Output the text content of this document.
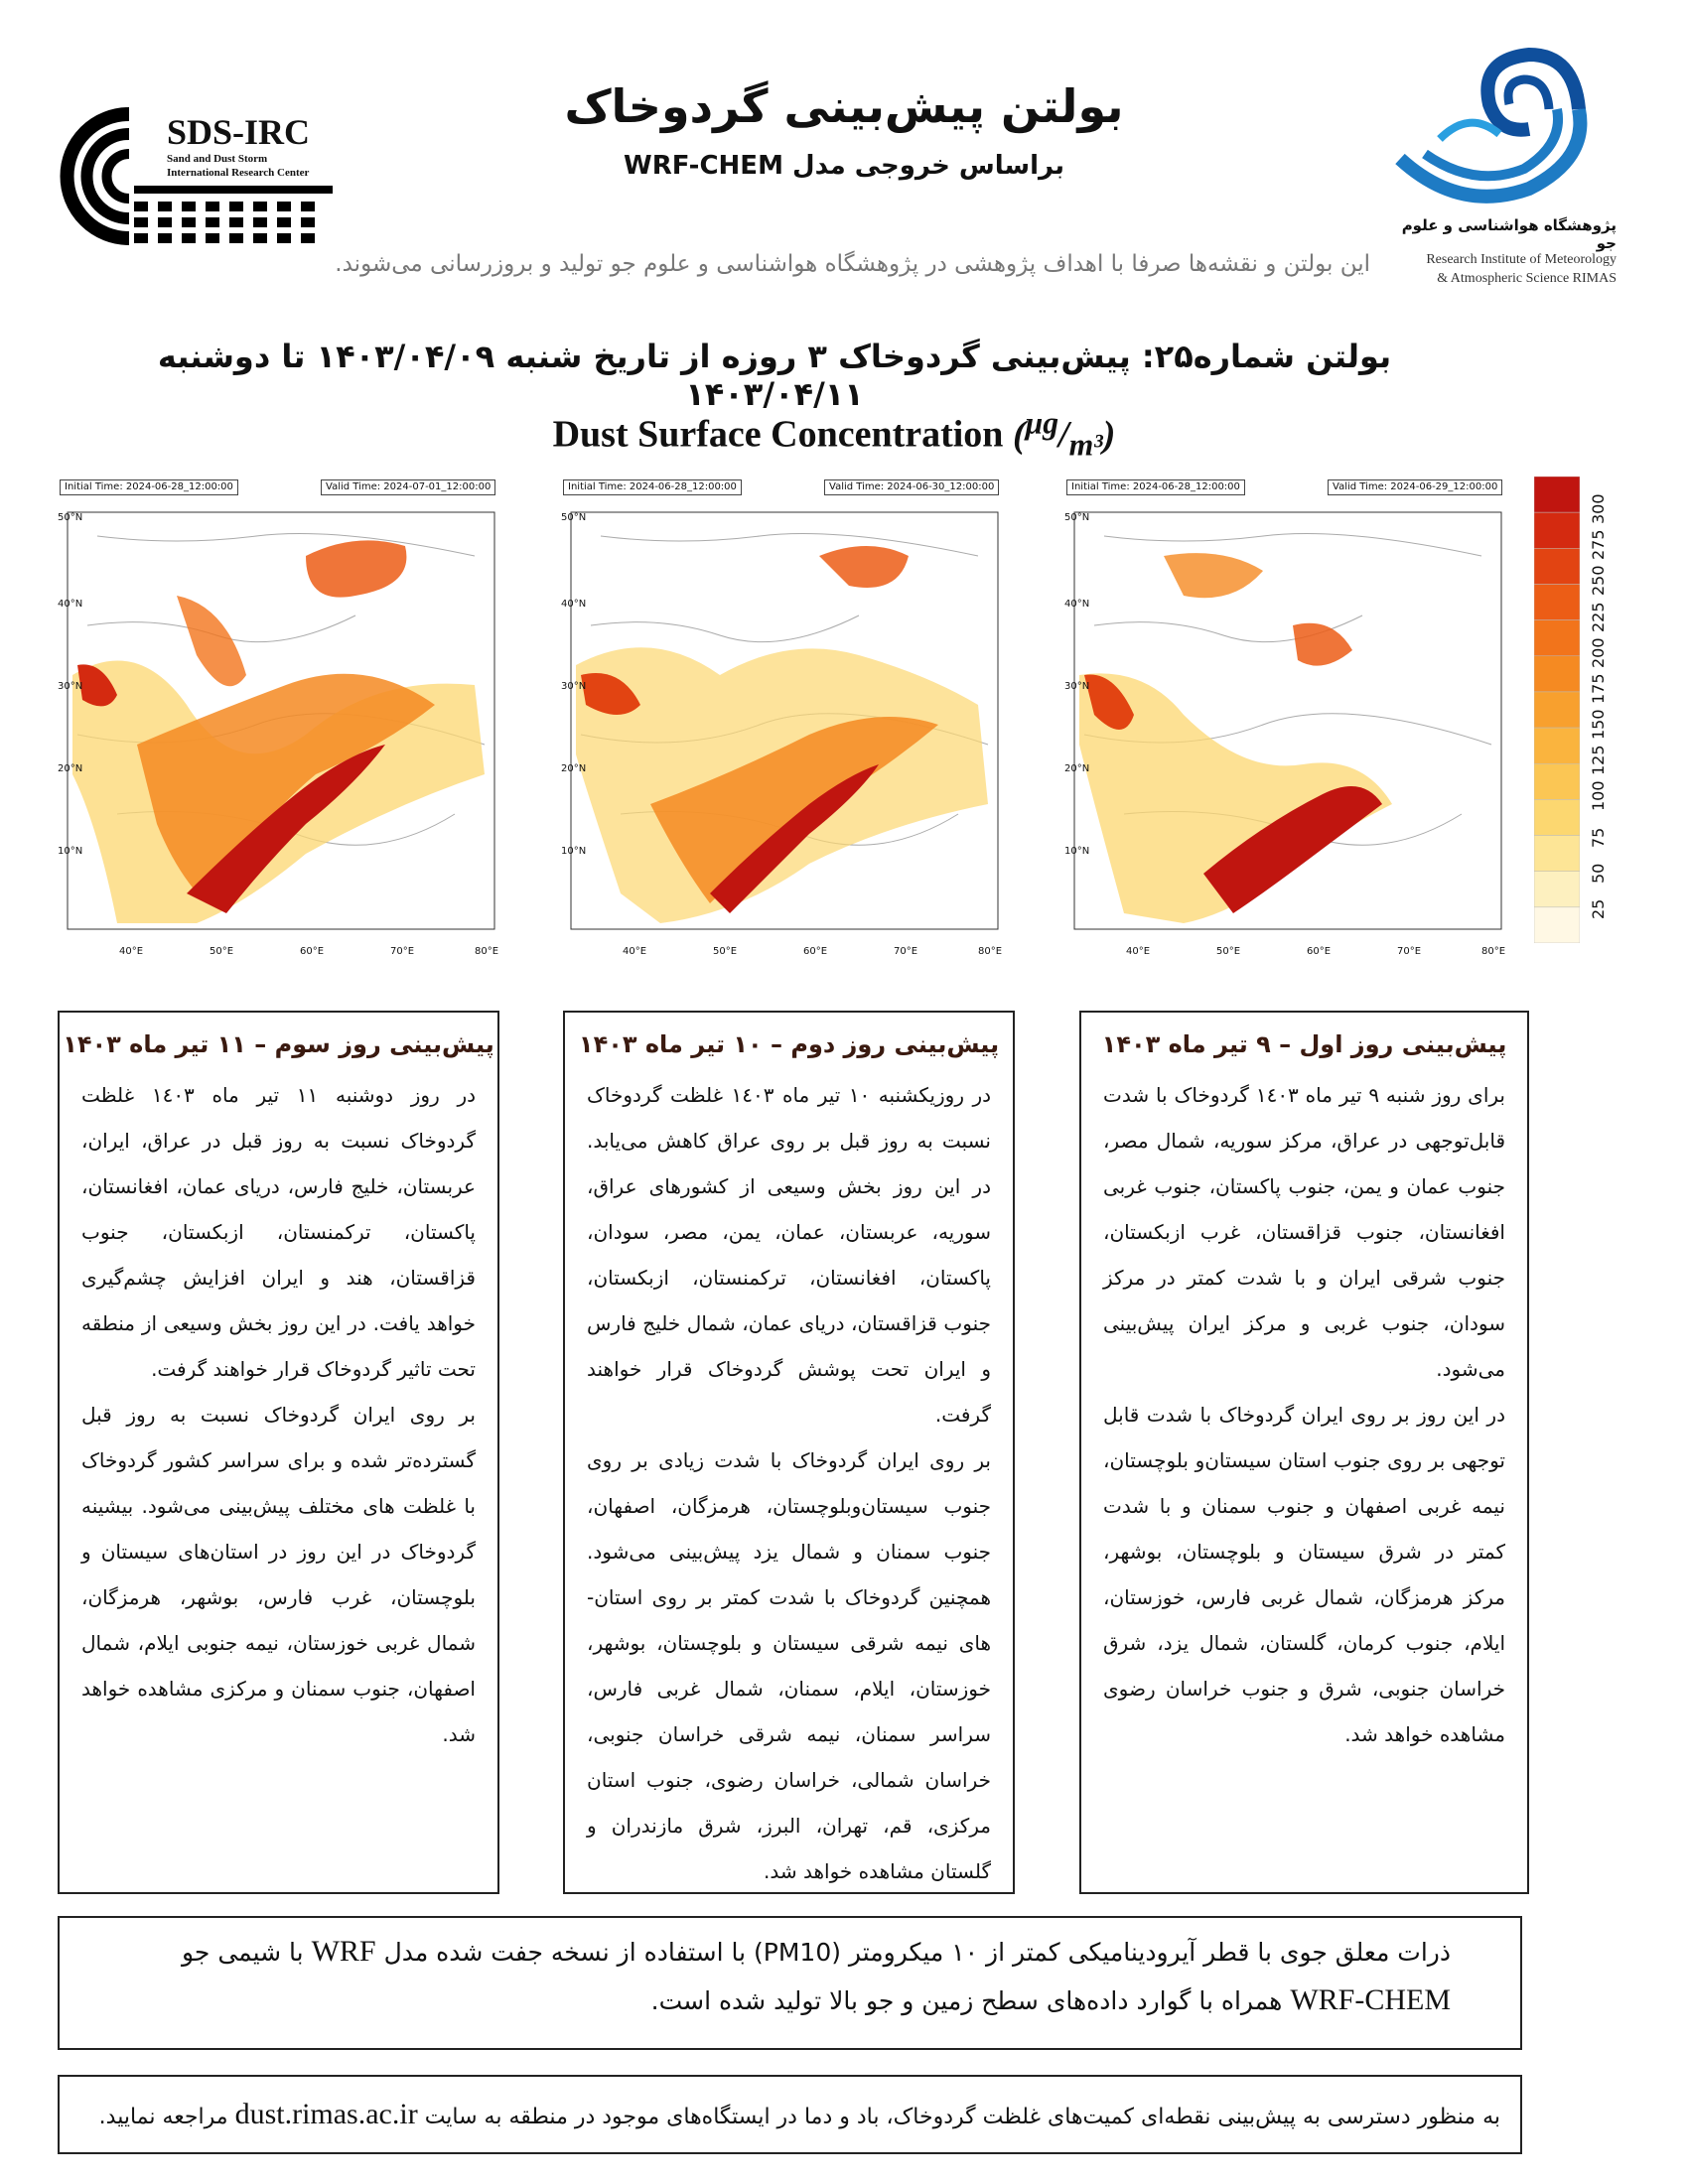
SDS-IRC
Sand and Dust Storm
International Research Center
بولتن پیش‌بینی گردوخاک
براساس خروجی مدل WRF-CHEM
پژوهشگاه هواشناسی و علوم جو
Research Institute of Meteorology
& Atmospheric Science RIMAS
این بولتن و نقشه‌ها صرفا با اهداف پژوهشی در پژوهشگاه هواشناسی و علوم جو تولید و بروزرسانی می‌شوند.
بولتن شماره۲۵: پیش‌بینی گردوخاک ۳ روزه از تاریخ شنبه ۱۴۰۳/۰۴/۰۹ تا دوشنبه ۱۴۰۳/۰۴/۱۱
Dust Surface Concentration $(^{\mu g}/_{m^3})$
Initial Time: 2024-06-28_12:00:00	Valid Time: 2024-07-01_12:00:00
50°N
40°N
30°N
20°N
10°N
40°E	50°E	60°E	70°E	80°E
Initial Time: 2024-06-28_12:00:00	Valid Time: 2024-06-30_12:00:00
50°N
40°N
30°N
20°N
10°N
40°E	50°E	60°E	70°E	80°E
Initial Time: 2024-06-28_12:00:00	Valid Time: 2024-06-29_12:00:00
50°N
40°N
30°N
20°N
10°N
40°E	50°E	60°E	70°E	80°E
300
275
250
225
200
175
150
125
100
75
50
25
پیش‌بینی روز سوم – ۱۱ تیر ماه ۱۴۰۳

در روز دوشنبه ۱۱ تیر ماه ۱٤۰۳ غلظت گردوخاک نسبت به روز قبل در عراق، ایران، عربستان، خلیج فارس، دریای عمان، افغانستان، پاکستان، ترکمنستان، ازبکستان، جنوب قزاقستان، هند و ایران افزایش چشم‌گیری خواهد یافت. در این روز بخش وسیعی از منطقه تحت تاثیر گردوخاک قرار خواهند گرفت.

بر روی ایران گردوخاک نسبت به روز قبل گسترده‌تر شده و برای سراسر کشور گردوخاک با غلظت های مختلف پیش‌بینی می‌شود. بیشینه گردوخاک در این روز در استان‌های سیستان و بلوچستان، غرب فارس، بوشهر، هرمزگان، شمال غربی خوزستان، نیمه جنوبی ایلام، شمال اصفهان، جنوب سمنان و مرکزی مشاهده خواهد شد.

پیش‌بینی روز دوم – ۱۰ تیر ماه ۱۴۰۳

در روزیکشنبه ۱۰ تیر ماه ۱٤۰۳ غلظت گردوخاک نسبت به روز قبل بر روی عراق کاهش می‌یابد. در این روز بخش وسیعی از کشورهای عراق، سوریه، عربستان، عمان، یمن، مصر، سودان، پاکستان، افغانستان، ترکمنستان، ازبکستان، جنوب قزاقستان، دریای عمان، شمال خلیج فارس و ایران تحت پوشش گردوخاک قرار خواهند گرفت.

بر روی ایران گردوخاک با شدت زیادی بر روی جنوب سیستان‌وبلوچستان، هرمزگان، اصفهان، جنوب سمنان و شمال یزد پیش‌بینی می‌شود. همچنین گردوخاک با شدت کمتر بر روی استان-های نیمه شرقی سیستان و بلوچستان، بوشهر، خوزستان، ایلام، سمنان، شمال غربی فارس، سراسر سمنان، نیمه شرقی خراسان جنوبی، خراسان شمالی، خراسان رضوی، جنوب استان مرکزی، قم، تهران، البرز، شرق مازندران و گلستان مشاهده خواهد شد.

پیش‌بینی روز اول – ۹ تیر ماه ۱۴۰۳

برای روز شنبه ۹ تیر ماه ۱٤۰۳ گردوخاک با شدت قابل‌توجهی در عراق، مرکز سوریه، شمال مصر، جنوب عمان و یمن، جنوب پاکستان، جنوب غربی افغانستان، جنوب قزاقستان، غرب ازبکستان، جنوب شرقی ایران و با شدت کمتر در مرکز سودان، جنوب غربی و مرکز ایران پیش‌بینی می‌شود.

در این روز بر روی ایران گردوخاک با شدت قابل توجهی بر روی جنوب استان سیستان‌و بلوچستان، نیمه غربی اصفهان و جنوب سمنان و با شدت کمتر در شرق سیستان و بلوچستان، بوشهر، مرکز هرمزگان، شمال غربی فارس، خوزستان، ایلام، جنوب کرمان، گلستان، شمال یزد، شرق خراسان جنوبی، شرق و جنوب خراسان رضوی مشاهده خواهد شد.

ذرات معلق جوی با قطر آیرودینامیکی کمتر از ۱۰ میکرومتر (PM10) با استفاده از نسخه جفت شده مدل WRF با شیمی جو
WRF-CHEM همراه با گوارد داده‌های سطح زمین و جو بالا تولید شده است.
به منظور دسترسی به پیش‌بینی نقطه‌ای کمیت‌های غلظت گردوخاک، باد و دما در ایستگاه‌های موجود در منطقه به سایت dust.rimas.ac.ir مراجعه نمایید.
